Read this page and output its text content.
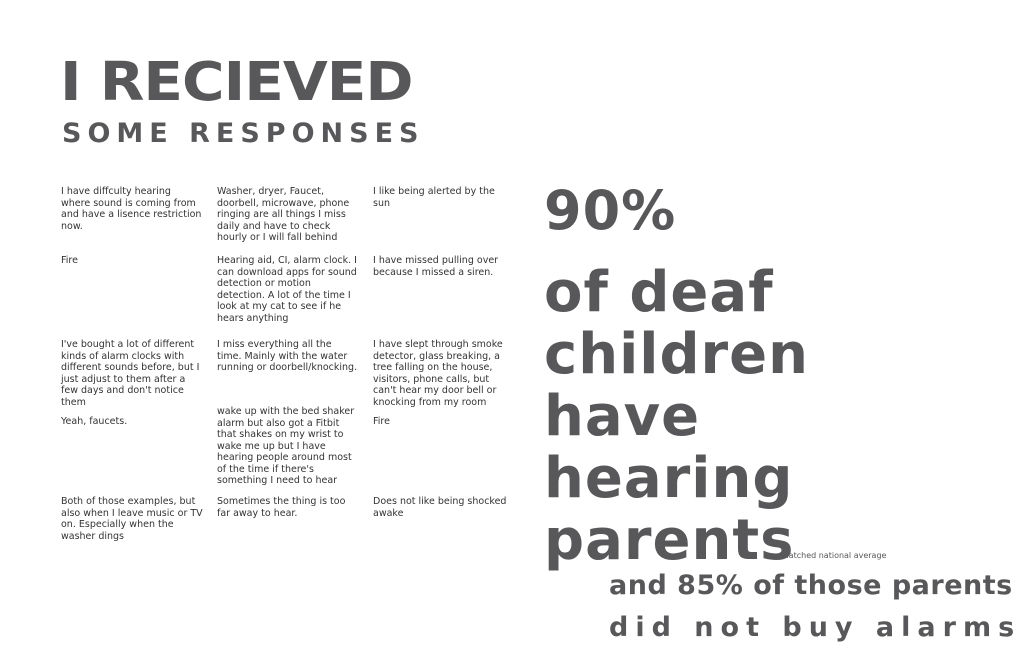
I RECIEVED
SOME RESPONSES
I have diffculty hearing where sound is coming from and have a lisence restriction now.
Washer, dryer, Faucet, doorbell, microwave, phone ringing are all things I miss daily and have to check hourly or I will fall behind
I like being alerted by the sun
Fire	Hearing aid, CI, alarm clock. I can download apps for sound detection or motion detection. A lot of the time I look at my cat to see if he hears anything
I have missed pulling over because I missed a siren.
I've bought a lot of different kinds of alarm clocks with different sounds before, but I just adjust to them after a few days and don't notice them
I miss everything all the time. Mainly with the water running or doorbell/knocking.
I have slept through smoke detector, glass breaking, a tree falling on the house, visitors, phone calls, but can't hear my door bell or knocking from my room
Yeah, faucets.
wake up with the bed shaker alarm but also got a Fitbit that shakes on my wrist to wake me up but I have hearing people around most of the time if there's something I need to hear
Fire
Both of those examples, but also when I leave music or TV on. Especially when the washer dings
Sometimes the thing is too far away to hear.
Does not like being shocked awake
90%
of deaf
children
have
hearing
parents
-matched national average
and 85% of those parents
did not buy alarms
